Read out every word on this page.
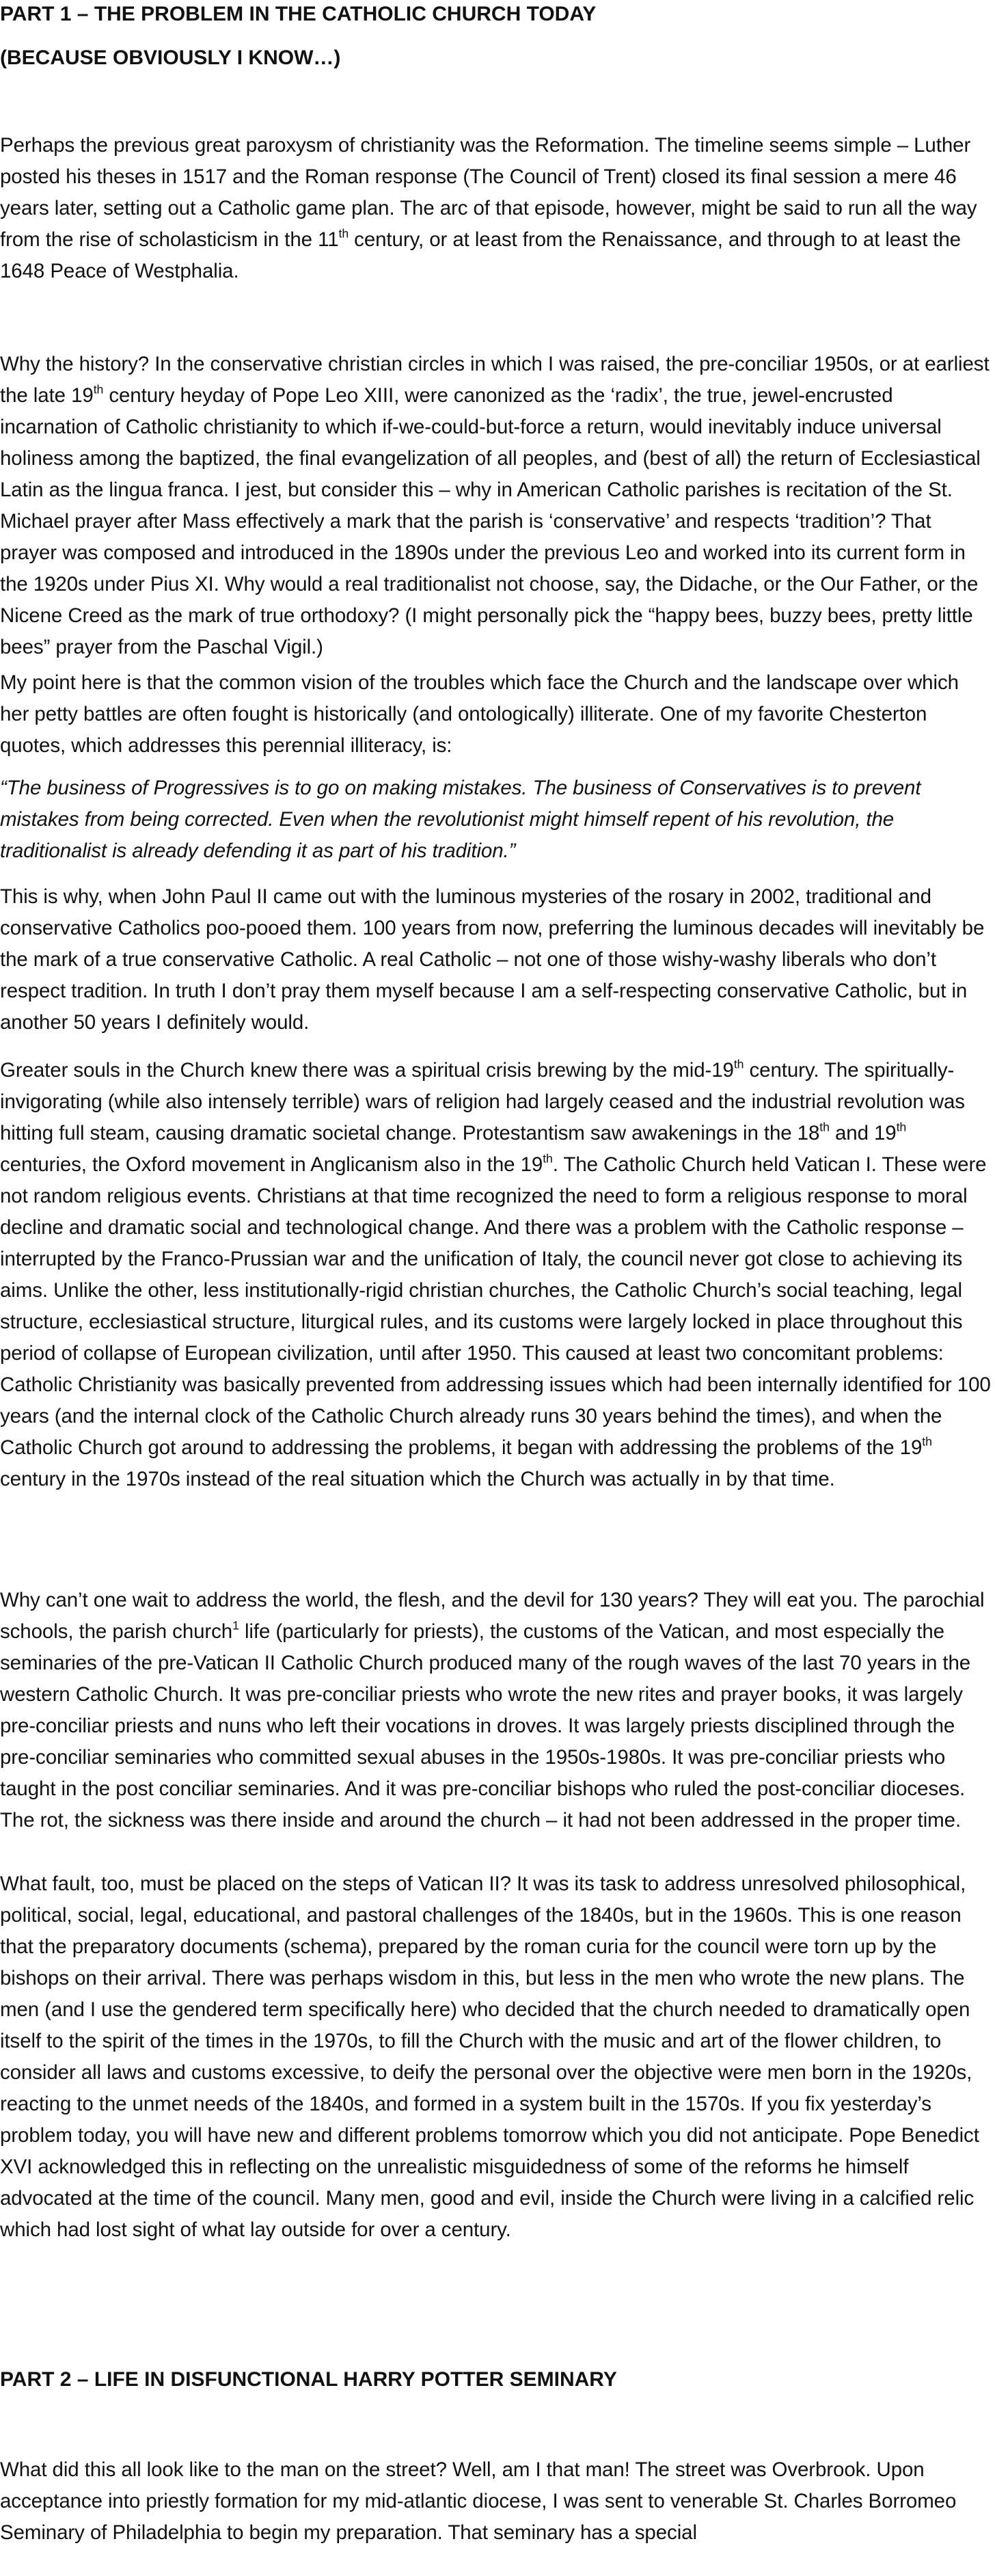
PART 1 – THE PROBLEM IN THE CATHOLIC CHURCH TODAY
(BECAUSE OBVIOUSLY I KNOW…)

Perhaps the previous great paroxysm of christianity was the Reformation. The timeline seems simple – Luther posted his theses in 1517 and the Roman response (The Council of Trent) closed its final session a mere 46 years later, setting out a Catholic game plan. The arc of that episode, however, might be said to run all the way from the rise of scholasticism in the 11th century, or at least from the Renaissance, and through to at least the 1648 Peace of Westphalia.

Why the history? In the conservative christian circles in which I was raised, the pre-conciliar 1950s, or at earliest the late 19th century heyday of Pope Leo XIII, were canonized as the ‘radix’, the true, jewel-encrusted incarnation of Catholic christianity to which if-we-could-but-force a return, would inevitably induce universal holiness among the baptized, the final evangelization of all peoples, and (best of all) the return of Ecclesiastical Latin as the lingua franca. I jest, but consider this – why in American Catholic parishes is recitation of the St. Michael prayer after Mass effectively a mark that the parish is ‘conservative’ and respects ‘tradition’? That prayer was composed and introduced in the 1890s under the previous Leo and worked into its current form in the 1920s under Pius XI. Why would a real traditionalist not choose, say, the Didache, or the Our Father, or the Nicene Creed as the mark of true orthodoxy? (I might personally pick the “happy bees, buzzy bees, pretty little bees” prayer from the Paschal Vigil.)

My point here is that the common vision of the troubles which face the Church and the landscape over which her petty battles are often fought is historically (and ontologically) illiterate. One of my favorite Chesterton quotes, which addresses this perennial illiteracy, is:

“The business of Progressives is to go on making mistakes. The business of Conservatives is to prevent mistakes from being corrected. Even when the revolutionist might himself repent of his revolution, the traditionalist is already defending it as part of his tradition.”

This is why, when John Paul II came out with the luminous mysteries of the rosary in 2002, traditional and conservative Catholics poo-pooed them. 100 years from now, preferring the luminous decades will inevitably be the mark of a true conservative Catholic. A real Catholic – not one of those wishy-washy liberals who don’t respect tradition. In truth I don’t pray them myself because I am a self-respecting conservative Catholic, but in another 50 years I definitely would.

Greater souls in the Church knew there was a spiritual crisis brewing by the mid-19th century. The spiritually-invigorating (while also intensely terrible) wars of religion had largely ceased and the industrial revolution was hitting full steam, causing dramatic societal change. Protestantism saw awakenings in the 18th and 19th centuries, the Oxford movement in Anglicanism also in the 19th. The Catholic Church held Vatican I. These were not random religious events. Christians at that time recognized the need to form a religious response to moral decline and dramatic social and technological change. And there was a problem with the Catholic response – interrupted by the Franco-Prussian war and the unification of Italy, the council never got close to achieving its aims. Unlike the other, less institutionally-rigid christian churches, the Catholic Church’s social teaching, legal structure, ecclesiastical structure, liturgical rules, and its customs were largely locked in place throughout this period of collapse of European civilization, until after 1950. This caused at least two concomitant problems: Catholic Christianity was basically prevented from addressing issues which had been internally identified for 100 years (and the internal clock of the Catholic Church already runs 30 years behind the times), and when the Catholic Church got around to addressing the problems, it began with addressing the problems of the 19th century in the 1970s instead of the real situation which the Church was actually in by that time.

Why can’t one wait to address the world, the flesh, and the devil for 130 years? They will eat you. The parochial schools, the parish church$^1$ life (particularly for priests), the customs of the Vatican, and most especially the seminaries of the pre-Vatican II Catholic Church produced many of the rough waves of the last 70 years in the western Catholic Church. It was pre-conciliar priests who wrote the new rites and prayer books, it was largely pre-conciliar priests and nuns who left their vocations in droves. It was largely priests disciplined through the pre-conciliar seminaries who committed sexual abuses in the 1950s-1980s. It was pre-conciliar priests who taught in the post conciliar seminaries. And it was pre-conciliar bishops who ruled the post-conciliar dioceses. The rot, the sickness was there inside and around the church – it had not been addressed in the proper time.

What fault, too, must be placed on the steps of Vatican II? It was its task to address unresolved philosophical, political, social, legal, educational, and pastoral challenges of the 1840s, but in the 1960s. This is one reason that the preparatory documents (schema), prepared by the roman curia for the council were torn up by the bishops on their arrival. There was perhaps wisdom in this, but less in the men who wrote the new plans. The men (and I use the gendered term specifically here) who decided that the church needed to dramatically open itself to the spirit of the times in the 1970s, to fill the Church with the music and art of the flower children, to consider all laws and customs excessive, to deify the personal over the objective were men born in the 1920s, reacting to the unmet needs of the 1840s, and formed in a system built in the 1570s. If you fix yesterday’s problem today, you will have new and different problems tomorrow which you did not anticipate. Pope Benedict XVI acknowledged this in reflecting on the unrealistic misguidedness of some of the reforms he himself advocated at the time of the council. Many men, good and evil, inside the Church were living in a calcified relic which had lost sight of what lay outside for over a century.

PART 2 – LIFE IN DISFUNCTIONAL HARRY POTTER SEMINARY

What did this all look like to the man on the street? Well, am I that man! The street was Overbrook. Upon acceptance into priestly formation for my mid-atlantic diocese, I was sent to venerable St. Charles Borromeo Seminary of Philadelphia to begin my preparation. That seminary has a special
